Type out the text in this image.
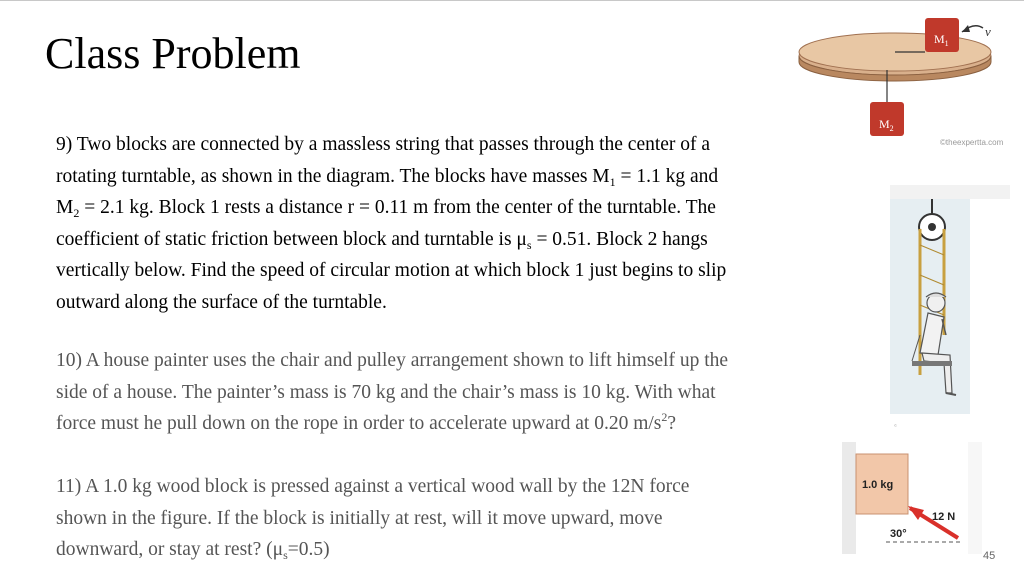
Class Problem

9) Two blocks are connected by a massless string that passes through the center of a

rotating turntable, as shown in the diagram. The blocks have masses $M_1 = 1.1$ kg and

$M_2 = 2.1$ kg. Block 1 rests a distance r = 0.11 m from the center of the turntable. The

coefficient of static friction between block and turntable is $\mu_s = 0.51$. Block 2 hangs

vertically below. Find the speed of circular motion at which block 1 just begins to slip

outward along the surface of the turntable.

10) A house painter uses the chair and pulley arrangement shown to lift himself up the

side of a house. The painter’s mass is 70 kg and the chair’s mass is 10 kg. With what

force must he pull down on the rope in order to accelerate upward at 0.20 $m/s^2$?

11) A 1.0 kg wood block is pressed against a vertical wood wall by the 12N force

shown in the figure. If the block is initially at rest, will it move upward, move

downward, or stay at rest? $(\mu_s=0.5)$

$M_1$
v
$M_2$
©theexpertta.com
©
1.0 kg
12 N
30°
45
